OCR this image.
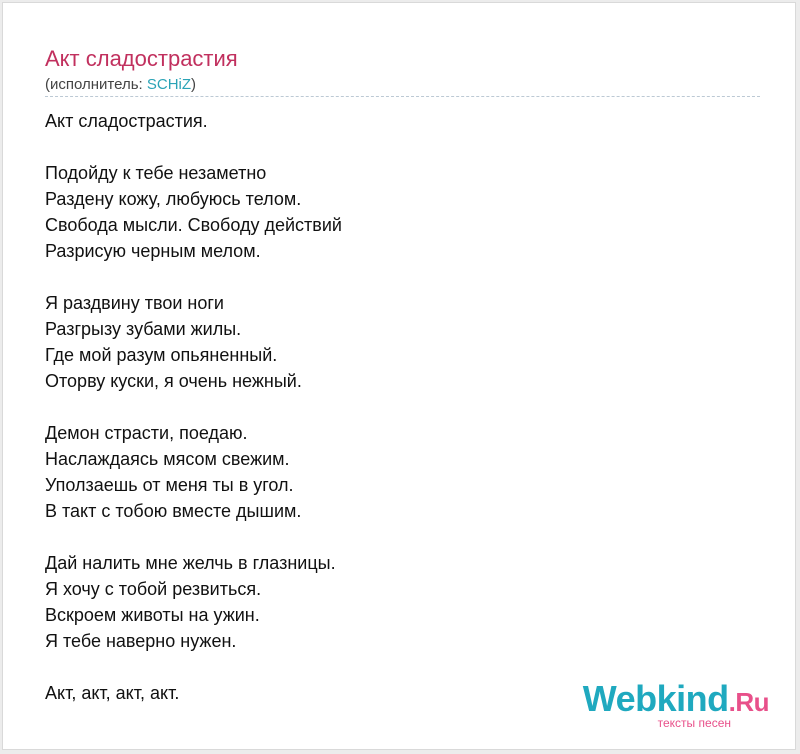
Акт сладострастия
(исполнитель: SCHiZ)
Акт сладострастия.
Подойду к тебе незаметно
Раздену кожу, любуюсь телом.
Свобода мысли. Свободу действий
Разрисую черным мелом.
Я раздвину твои ноги
Разгрызу зубами жилы.
Где мой разум опьяненный.
Оторву куски, я очень нежный.
Демон страсти, поедаю.
Наслаждаясь мясом свежим.
Уползаешь от меня ты в угол.
В такт с тобою вместе дышим.
Дай налить мне желчь в глазницы.
Я хочу с тобой резвиться.
Вскроем животы на ужин.
Я тебе наверно нужен.
Акт, акт, акт, акт.	Webkind.Ru
тексты песен
